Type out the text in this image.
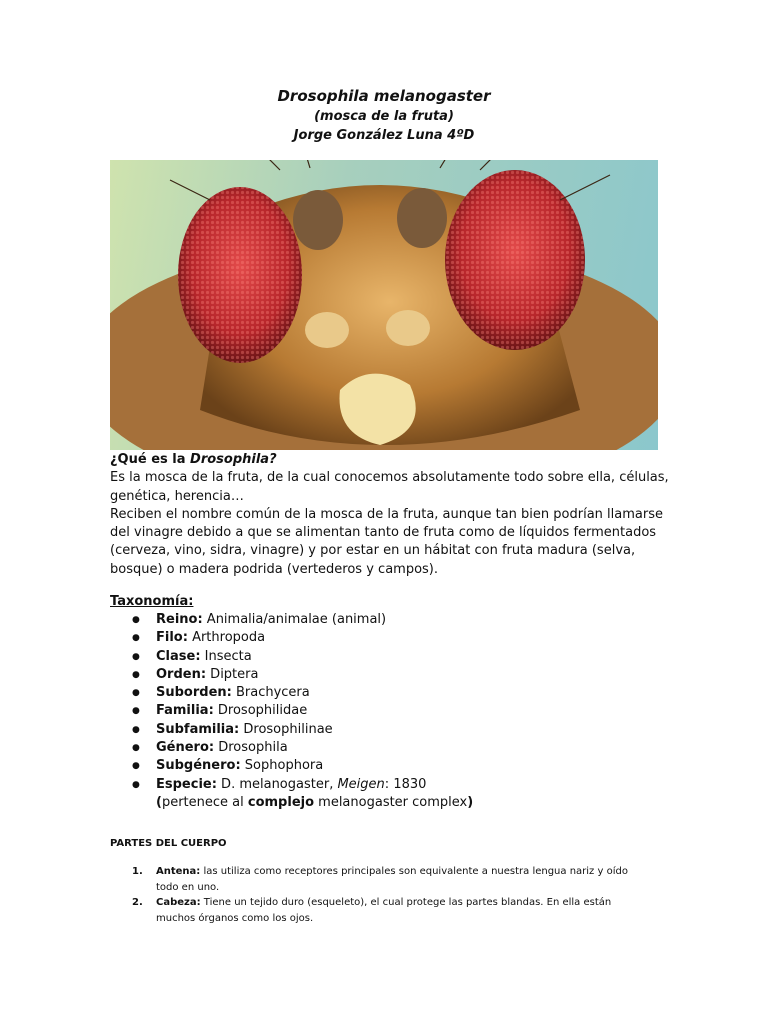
Drosophila melanogaster
(mosca de la fruta)
Jorge González Luna 4ºD

¿Qué es la Drosophila?

Es la mosca de la fruta, de la cual conocemos absolutamente todo sobre ella, células, genética, herencia…

Reciben el nombre común de la mosca de la fruta, aunque tan bien podrían llamarse del vinagre debido a que se alimentan tanto de fruta como de líquidos fermentados (cerveza, vino, sidra, vinagre) y por estar en un hábitat con fruta madura (selva, bosque) o madera podrida (vertederos y campos).

Taxonomía:
● Reino: Animalia/animalae (animal)
● Filo: Arthropoda
● Clase: Insecta
● Orden: Diptera
● Suborden: Brachycera
● Familia: Drosophilidae
● Subfamilia: Drosophilinae
● Género: Drosophila
● Subgénero: Sophophora
● Especie: D. melanogaster, Meigen: 1830
(pertenece al complejo melanogaster complex)
PARTES DEL CUERPO
1. Antena: las utiliza como receptores principales son equivalente a nuestra lengua nariz y oído todo en uno.
2. Cabeza: Tiene un tejido duro (esqueleto), el cual protege las partes blandas. En ella están muchos órganos como los ojos.
